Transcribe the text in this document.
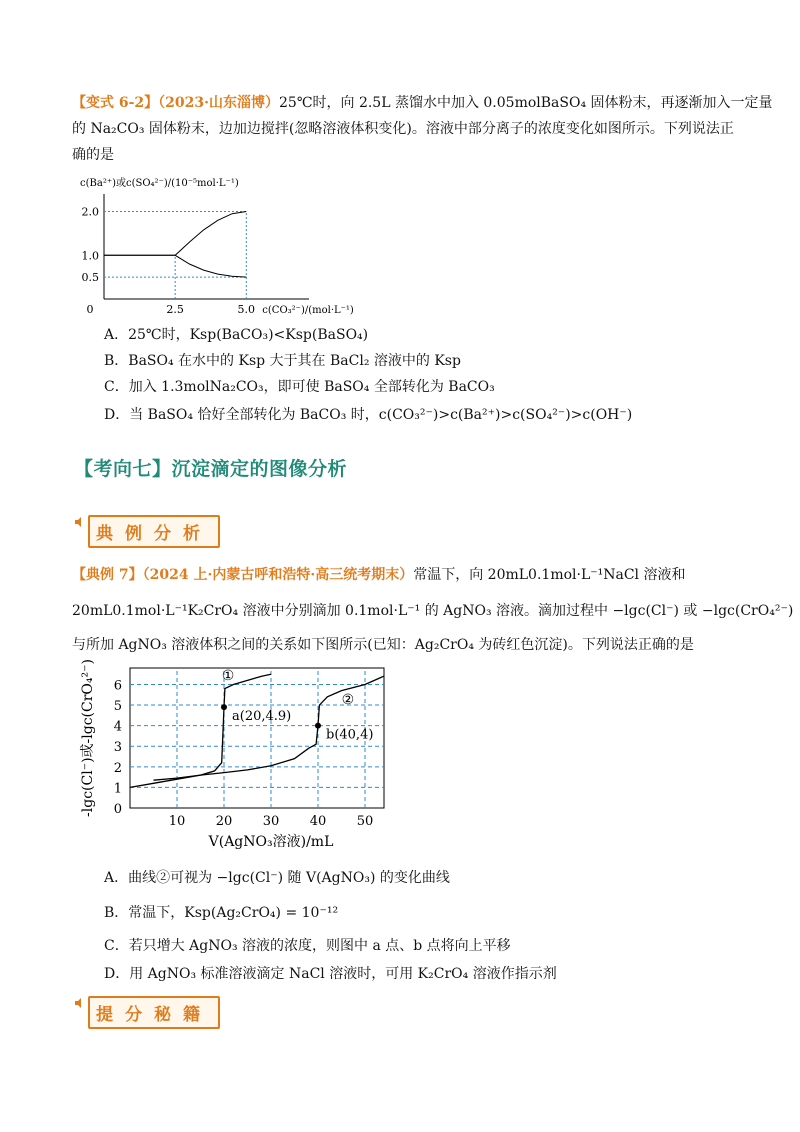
【变式 6-2】（2023·山东淄博）25℃时，向 2.5L 蒸馏水中加入 0.05molBaSO₄ 固体粉末，再逐渐加入一定量
的 Na₂CO₃ 固体粉末，边加边搅拌(忽略溶液体积变化)。溶液中部分离子的浓度变化如图所示。下列说法正
确的是
0.5
1.0
2.0
0	2.5	5.0
c(Ba²⁺)或c(SO₄²⁻)/(10⁻⁵mol·L⁻¹)
c(CO₃²⁻)/(mol·L⁻¹)
A．25℃时，Ksp(BaCO₃)<Ksp(BaSO₄)
B．BaSO₄ 在水中的 Ksp 大于其在 BaCl₂ 溶液中的 Ksp
C．加入 1.3molNa₂CO₃，即可使 BaSO₄ 全部转化为 BaCO₃
D．当 BaSO₄ 恰好全部转化为 BaCO₃ 时，c(CO₃²⁻)>c(Ba²⁺)>c(SO₄²⁻)>c(OH⁻)
【考向七】沉淀滴定的图像分析
典例分析
【典例 7】（2024 上·内蒙古呼和浩特·高三统考期末）常温下，向 20mL0.1mol·L⁻¹NaCl 溶液和
20mL0.1mol·L⁻¹K₂CrO₄ 溶液中分别滴加 0.1mol·L⁻¹ 的 AgNO₃ 溶液。滴加过程中 −lgc(Cl⁻) 或 −lgc(CrO₄²⁻)
与所加 AgNO₃ 溶液体积之间的关系如下图所示(已知：Ag₂CrO₄ 为砖红色沉淀)。下列说法正确的是
a(20,4.9)
b(40,4)
①
②
0
1
2
3
4
5
6
10 20 30 40 50
V(AgNO₃溶液)/mL
-lgc(Cl⁻)或-lgc(CrO₄²⁻)
A．曲线②可视为 −lgc(Cl⁻) 随 V(AgNO₃) 的变化曲线
B．常温下，Ksp(Ag₂CrO₄) = 10⁻¹²
C．若只增大 AgNO₃ 溶液的浓度，则图中 a 点、b 点将向上平移
D．用 AgNO₃ 标准溶液滴定 NaCl 溶液时，可用 K₂CrO₄ 溶液作指示剂
提分秘籍
